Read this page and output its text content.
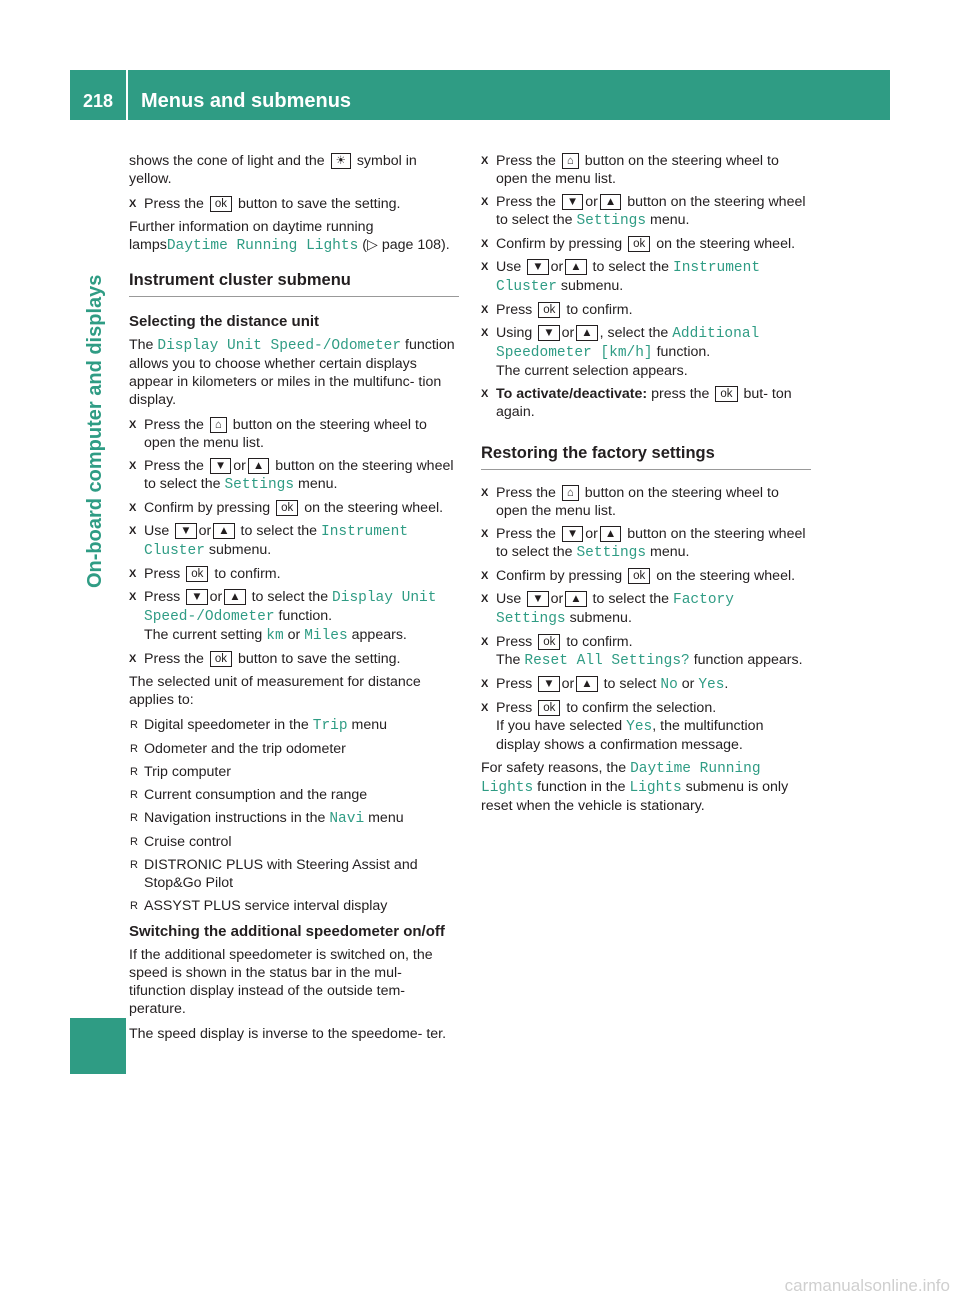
218	Menus and submenus
On-board computer and displays

shows the cone of light and the ☀ symbol in yellow.

X Press the ok button to save the setting.

Further information on daytime running lampsDaytime Running Lights (▷ page 108).

Instrument cluster submenu
Selecting the distance unit

The Display Unit Speed-/Odometer function allows you to choose whether certain displays appear in kilometers or miles in the multifunc- tion display.

X Press the ⌂ button on the steering wheel to open the menu list.
X Press the ▼ or ▲ button on the steering wheel to select the Settings menu.
X Confirm by pressing ok on the steering wheel.
X Use ▼ or ▲ to select the Instrument Cluster submenu.
X Press ok to confirm.
X Press ▼ or ▲ to select the Display Unit Speed-/Odometer function.
The current setting km or Miles appears.
X Press the ok button to save the setting.

The selected unit of measurement for distance applies to:

R Digital speedometer in the Trip menu
R Odometer and the trip odometer
R Trip computer
R Current consumption and the range
R Navigation instructions in the Navi menu
R Cruise control
R DISTRONIC PLUS with Steering Assist and Stop&Go Pilot
R ASSYST PLUS service interval display
Switching the additional speedometer on/off

If the additional speedometer is switched on, the speed is shown in the status bar in the mul- tifunction display instead of the outside tem- perature.

The speed display is inverse to the speedome- ter.

X Press the ⌂ button on the steering wheel to open the menu list.
X Press the ▼ or ▲ button on the steering wheel to select the Settings menu.
X Confirm by pressing ok on the steering wheel.
X Use ▼ or ▲ to select the Instrument Cluster submenu.
X Press ok to confirm.
X Using ▼ or ▲ , select the Additional Speedometer [km/h] function.
The current selection appears.
X To activate/deactivate: press the ok but- ton again.
Restoring the factory settings
X Press the ⌂ button on the steering wheel to open the menu list.
X Press the ▼ or ▲ button on the steering wheel to select the Settings menu.
X Confirm by pressing ok on the steering wheel.
X Use ▼ or ▲ to select the Factory Settings submenu.
X Press ok to confirm.
The Reset All Settings? function appears.
X Press ▼ or ▲ to select No or Yes.
X Press ok to confirm the selection.
If you have selected Yes, the multifunction display shows a confirmation message.

For safety reasons, the Daytime Running Lights function in the Lights submenu is only reset when the vehicle is stationary.

carmanualsonline.info
